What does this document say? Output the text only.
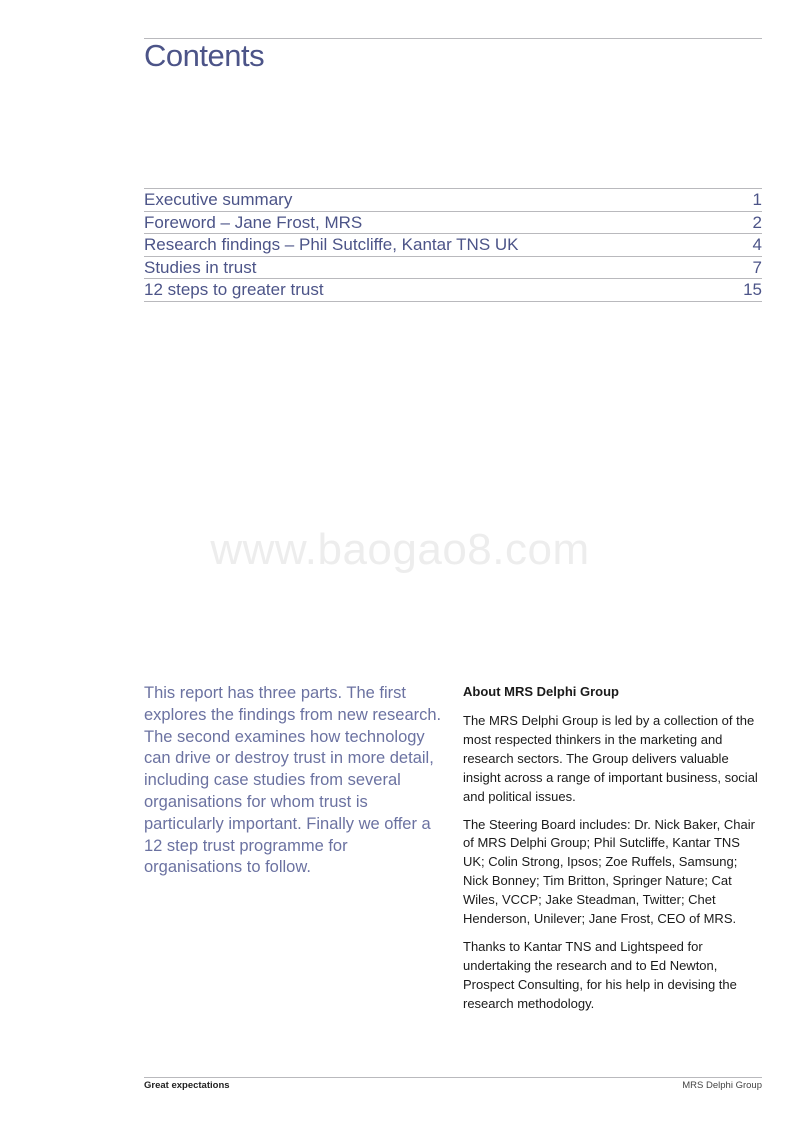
Contents
Executive summary	1
Foreword – Jane Frost, MRS	2
Research findings – Phil Sutcliffe, Kantar TNS UK	4
Studies in trust	7
12 steps to greater trust	15
www.baogao8.com

This report has three parts. The first explores the findings from new research. The second examines how technology can drive or destroy trust in more detail, including case studies from several organisations for whom trust is particularly important. Finally we offer a 12 step trust programme for organisations to follow.

About MRS Delphi Group

The MRS Delphi Group is led by a collection of the most respected thinkers in the marketing and research sectors. The Group delivers valuable insight across a range of important business, social and political issues.

The Steering Board includes: Dr. Nick Baker, Chair of MRS Delphi Group; Phil Sutcliffe, Kantar TNS UK; Colin Strong, Ipsos; Zoe Ruffels, Samsung; Nick Bonney; Tim Britton, Springer Nature; Cat Wiles, VCCP; Jake Steadman, Twitter; Chet Henderson, Unilever; Jane Frost, CEO of MRS.

Thanks to Kantar TNS and Lightspeed for undertaking the research and to Ed Newton, Prospect Consulting, for his help in devising the research methodology.

Great expectations	MRS Delphi Group
